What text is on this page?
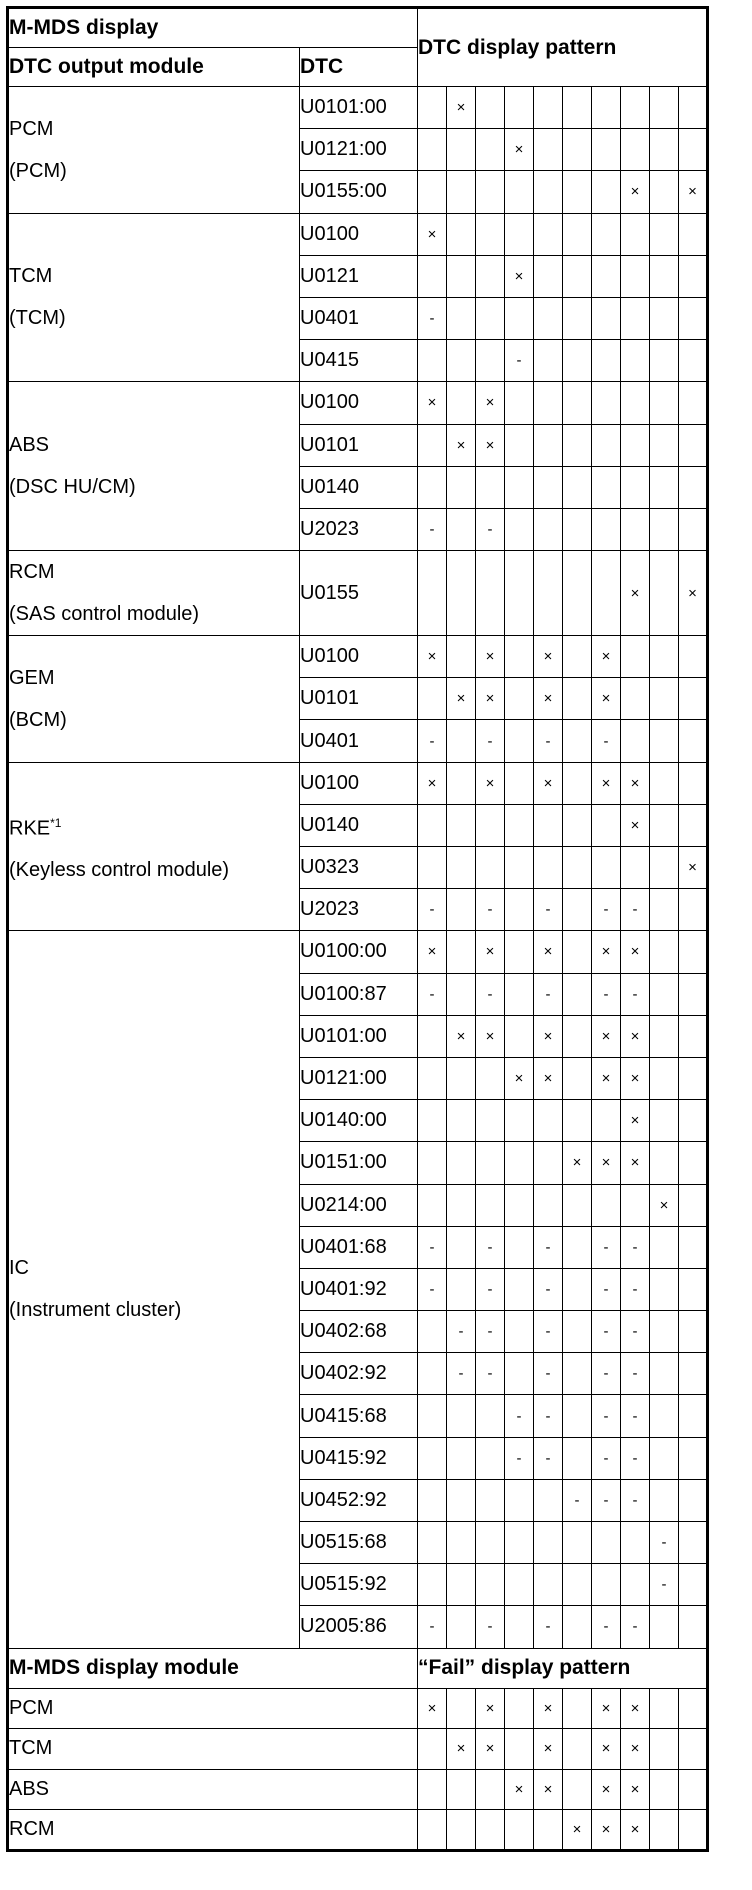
M-MDS display		DTC display pattern									
DTC output module	DTC										
PCM
(PCM)	U0101:00		×								
	U0121:00				×						
	U0155:00								×		×
TCM
(TCM)	U0100	×									
	U0121				×						
	U0401	-									
	U0415				-						
ABS
(DSC HU/CM)	U0100	×		×							
	U0101		×	×							
	U0140										
	U2023	-		-							
RCM
(SAS control module)	U0155								×		×
GEM
(BCM)	U0100	×		×		×		×			
	U0101		×	×		×		×			
	U0401	-		-		-		-			
RKE$^{*1}$
(Keyless control module)	U0100	×		×		×		×	×		
	U0140								×		
	U0323										×
	U2023	-		-		-		-	-		
IC
(Instrument cluster)	U0100:00	×		×		×		×	×		
	U0100:87	-		-		-		-	-		
	U0101:00		×	×		×		×	×		
	U0121:00				×	×		×	×		
	U0140:00								×		
	U0151:00						×	×	×		
	U0214:00									×	
	U0401:68	-		-		-		-	-		
	U0401:92	-		-		-		-	-		
	U0402:68		-	-		-		-	-		
	U0402:92		-	-		-		-	-		
	U0415:68				-	-		-	-		
	U0415:92				-	-		-	-		
	U0452:92						-	-	-		
	U0515:68									-	
	U0515:92									-	
	U2005:86	-		-		-		-	-		
M-MDS display module		“Fail” display pattern									
PCM		×		×		×		×	×		
TCM			×	×		×		×	×		
ABS					×	×		×	×		
RCM							×	×	×		
